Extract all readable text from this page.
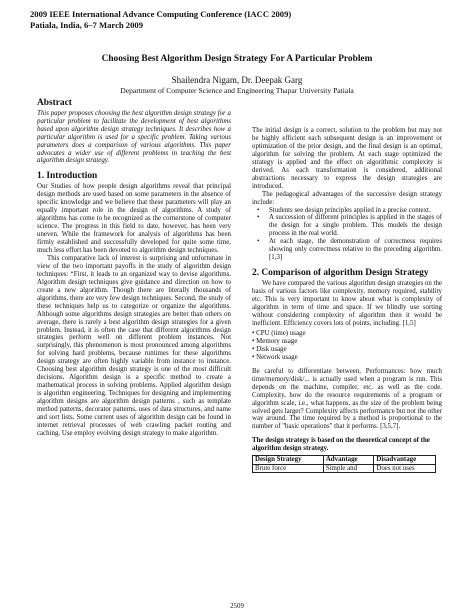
2009 IEEE International Advance Computing Conference (IACC 2009)
Patiala, India, 6–7 March 2009
Choosing Best Algorithm Design Strategy For A Particular Problem
Shailendra Nigam, Dr. Deepak Garg
Department of Computer Science and Engineering Thapar University Patiala
Abstract

This paper proposes choosing the best algorithm design strategy for a particular problem to facilitate the development of best algorithms based upon algorithm design strategy techniques. It describes how a particular algorithm is used for a specific problem. Taking various parameters does a comparison of various algorithms. This paper advocates a wider use of different problems in teaching the best algorithm design strategy.

1. Introduction

Our Studies of how people design algorithms reveal that principal design methods are used based on some parameters in the absence of specific knowledge and we believe that these parameters will play an equally important role in the design of algorithms. A study of algorithms has come to be recognized as the cornerstone of computer science. The progress in this field to date, however, has been very uneven. While the framework for analysis of algorithms has been firmly established and successfully developed for quite some time, much less effort has been devoted to algorithm design techniques.

This comparative lack of interest is surprising and unfortunate in view of the two important payoffs in the study of algorithm design techniques: “First, it leads to an organized way to devise algorithms. Algorithm design techniques give guidance and direction on how to create a new algorithm. Though there are literally thousands of algorithms, there are very few design techniques. Second, the study of these techniques help us to categorize or organize the algorithms. Although some algorithms design strategies are better than others on average, there is rarely a best algorithm design strategies for a given problem. Instead, it is often the case that different algorithms design strategies perform well on different problem instances. Not surprisingly, this phenomenon is most pronounced among algorithms for solving hard problems, because runtimes for these algorithms design strategy are often highly variable from instance to instance. Choosing best algorithm design strategy is one of the most difficult decisions. Algorithm design is a specific method to create a mathematical process in solving problems. Applied algorithm design is algorithm engineering. Techniques for designing and implementing algorithm designs are algorithm design patterns , such as template method patterns, decorator patterns, uses of data structures, and name and sort lists. Some current uses of algorithm design can be found in internet retrieval processes of web crawling packet routing and caching. Use employ evolving design strategy to make algorithm.

The initial design is a correct, solution to the problem but may not be highly efficient each subsequent design is an improvement or optimization of the prior design, and the final design is an optimal, algorithm for solving the problem. At each stage optimized the strategy is applied and the effect on algorithmic complexity is derived. As each transformation is considered, additional abstractions necessary to express the design strategies are introduced.

The pedagogical advantages of the successive design strategy include:

• Students see design principles applied in a precise context.
• A succession of different principles is applied in the stages of the design for a single problem. This models the design process in the real world.
• At each stage, the demonstration of correctness requires showing only correctness relative to the preceding algorithm. [1,3]
2. Comparison of algorithm Design Strategy

We have compared the various algorithm design strategies on the basis of various factors like complexity, memory required, stability etc. This is very important to know about what is complexity of algorithm in term of time and space. If we blindly use sorting without considering complexity of algorithm then it would be inefficient. Efficiency covers lots of points, including. [1,5]

• CPU (time) usage
• Memory usage
• Disk usage
• Network usage

Be careful to differentiate between, Performances: how much time/memory/disk/... is actually used when a program is run. This depends on the machine, compiler, etc. as well as the code. Complexity, how do the resource requirements of a program or algorithm scale, i.e., what happens, as the size of the problem being solved gets larger? Complexity affects performance but not the other way around. The time required by a method is proportional to the number of "basic operations" that it performs. [3,5,7].

The design strategy is based on the theoretical concept of the algorithm design strategy.

Design Strategy	Advantage	Disadvantage
Brute force	Simple and	Does not uses
2509
